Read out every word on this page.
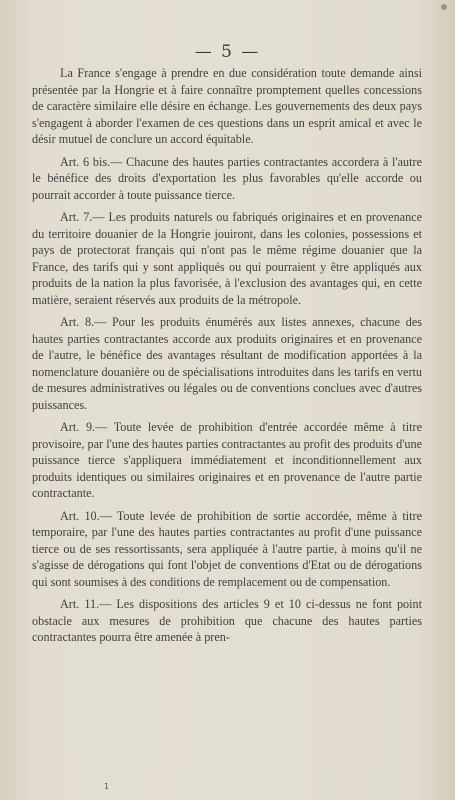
— 5 —

La France s'engage à prendre en due considération toute demande ainsi présentée par la Hongrie et à faire connaître promptement quelles concessions de caractère similaire elle désire en échange. Les gouvernements des deux pays s'engagent à aborder l'examen de ces questions dans un esprit amical et avec le désir mutuel de conclure un accord équitable.

Art. 6 bis.— Chacune des hautes parties contractantes accordera à l'autre le bénéfice des droits d'exportation les plus favorables qu'elle accorde ou pourrait accorder à toute puissance tierce.

Art. 7.— Les produits naturels ou fabriqués originaires et en provenance du territoire douanier de la Hongrie jouiront, dans les colonies, possessions et pays de protectorat français qui n'ont pas le même régime douanier que la France, des tarifs qui y sont appliqués ou qui pourraient y être appliqués aux produits de la nation la plus favorisée, à l'exclusion des avantages qui, en cette matière, seraient réservés aux produits de la métropole.

Art. 8.— Pour les produits énumérés aux listes annexes, chacune des hautes parties contractantes accorde aux produits originaires et en provenance de l'autre, le bénéfice des avantages résultant de modification apportées à la nomenclature douanière ou de spécialisations introduites dans les tarifs en vertu de mesures administratives ou légales ou de conventions conclues avec d'autres puissances.

Art. 9.— Toute levée de prohibition d'entrée accordée même à titre provisoire, par l'une des hautes parties contractantes au profit des produits d'une puissance tierce s'appliquera immédiatement et inconditionnellement aux produits identiques ou similaires originaires et en provenance de l'autre partie contractante.

Art. 10.— Toute levée de prohibition de sortie accordée, même à titre temporaire, par l'une des hautes parties contractantes au profit d'une puissance tierce ou de ses ressortissants, sera appliquée à l'autre partie, à moins qu'il ne s'agisse de dérogations qui font l'objet de conventions d'Etat ou de dérogations qui sont soumises à des conditions de remplacement ou de compensation.

Art. 11.— Les dispositions des articles 9 et 10 ci-dessus ne font point obstacle aux mesures de prohibition que chacune des hautes parties contractantes pourra être amenée à pren-

1
